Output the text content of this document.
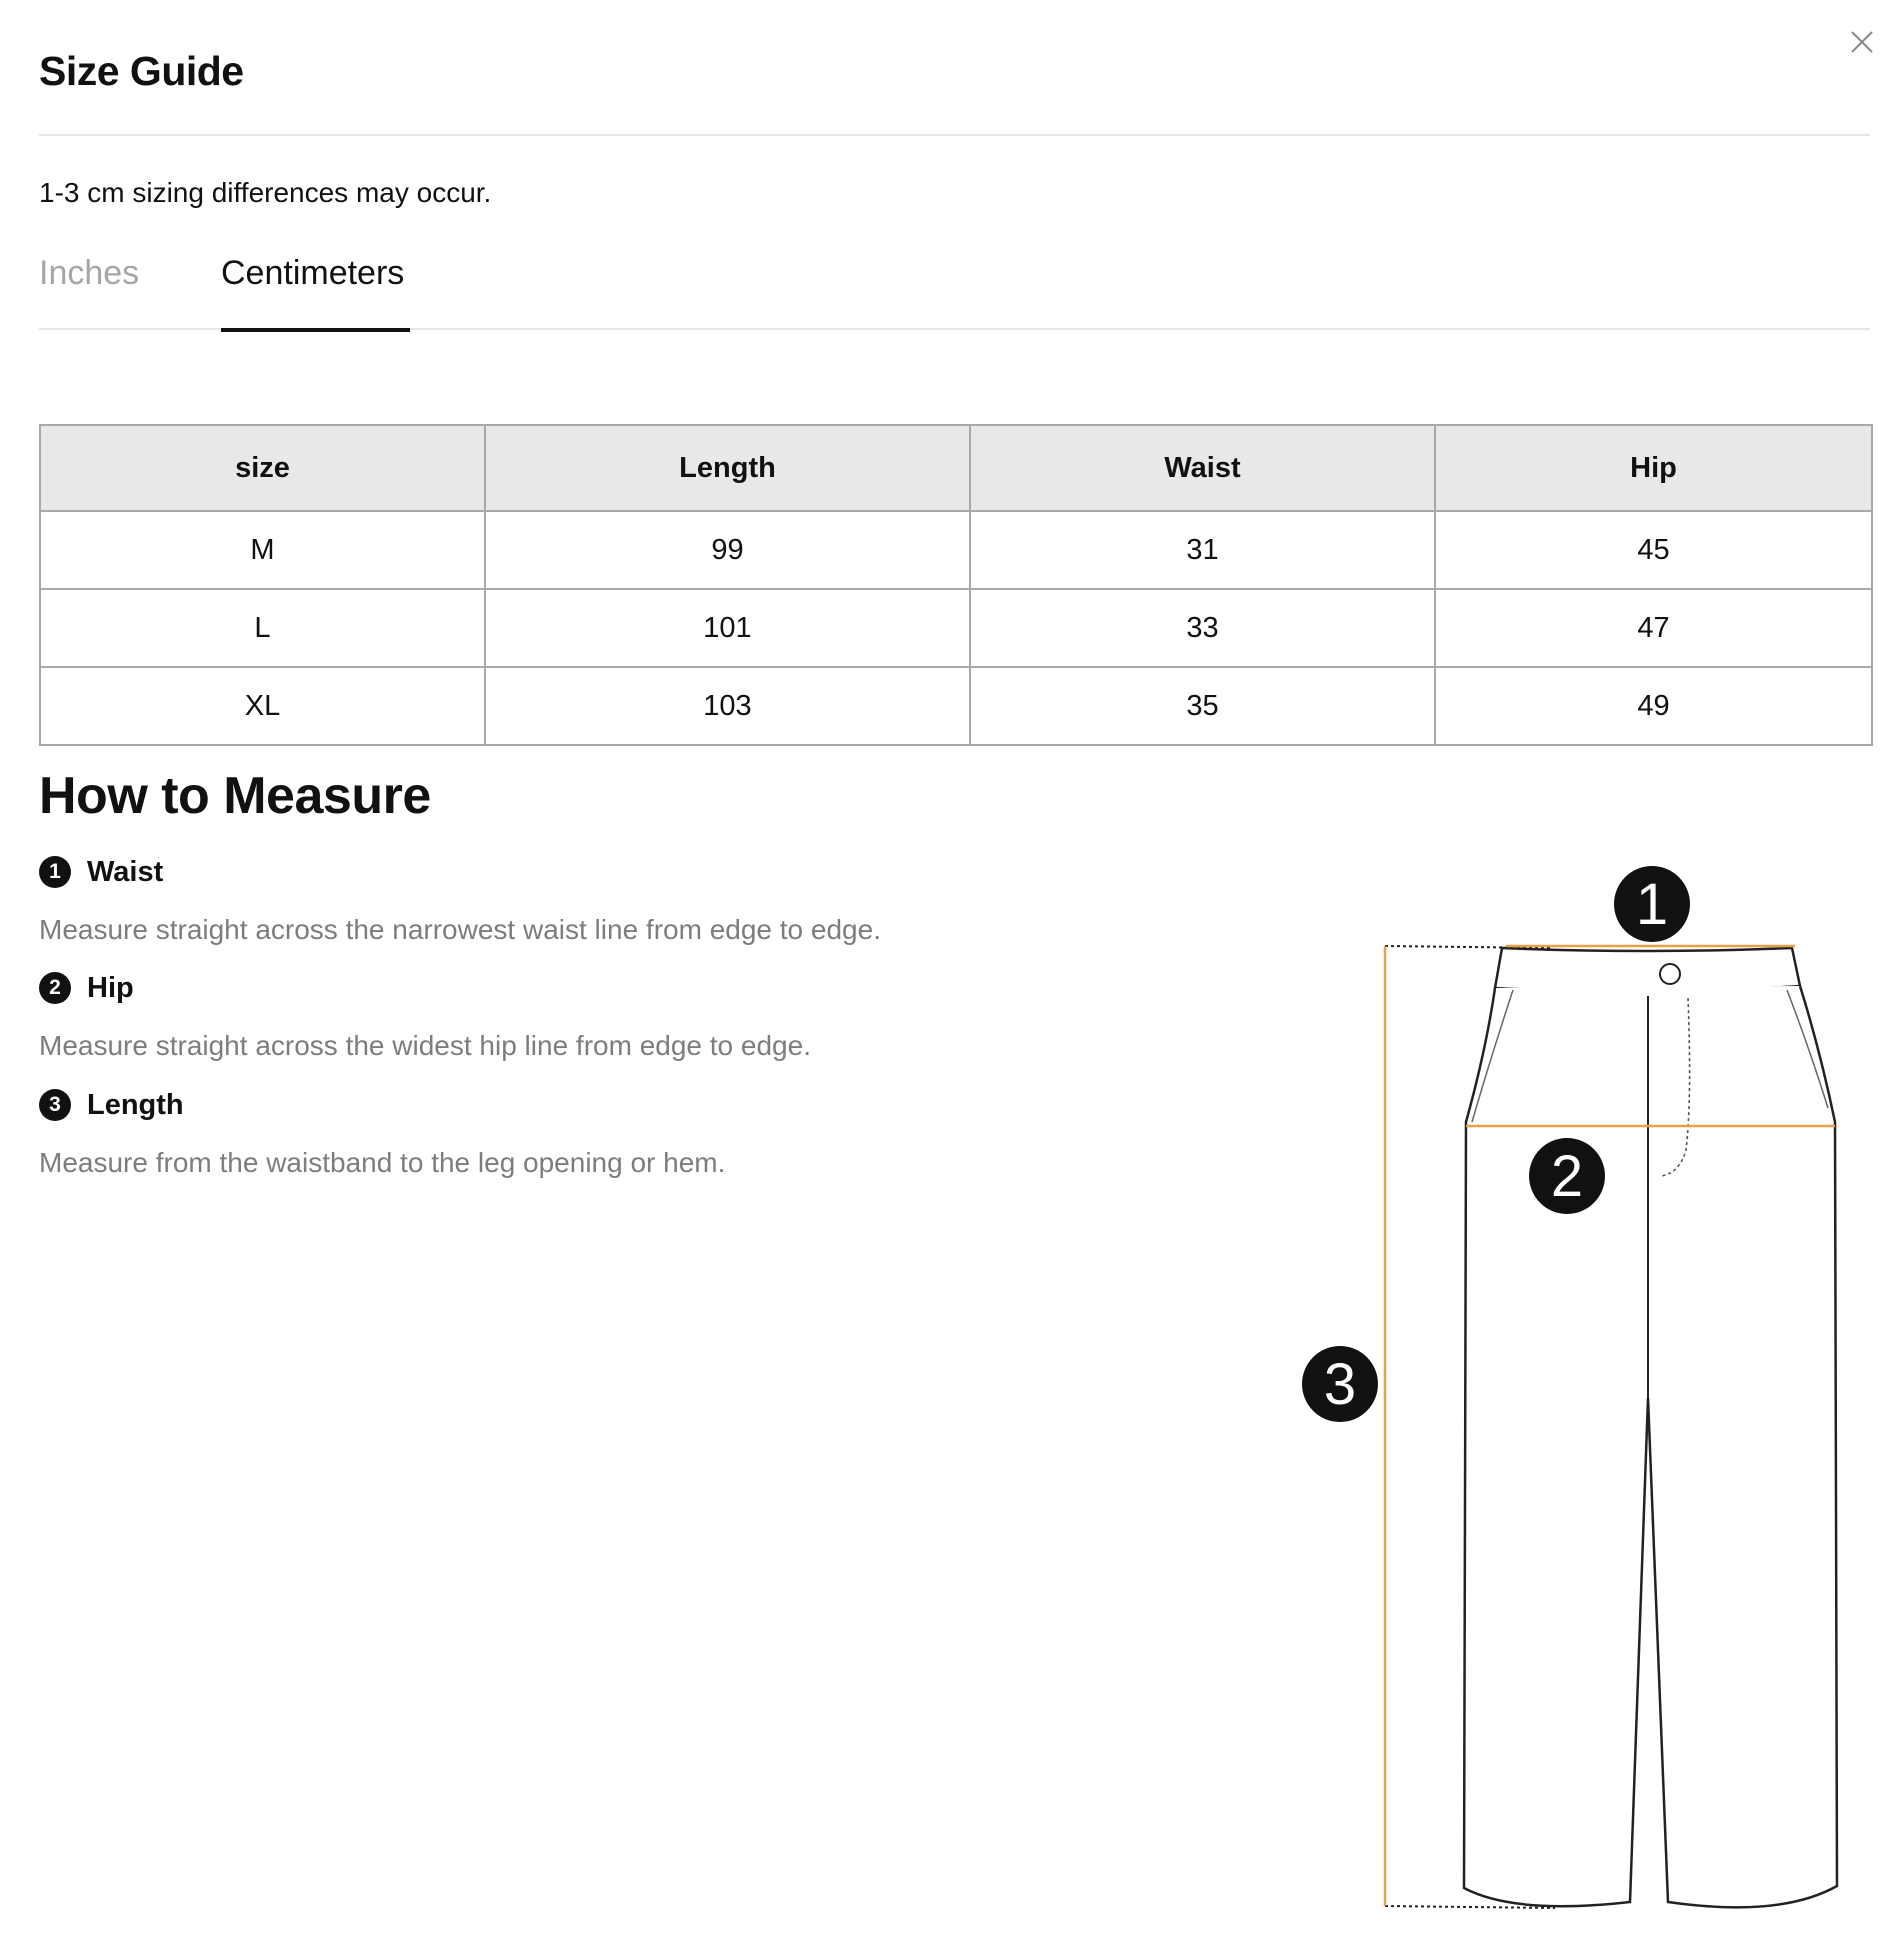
Size Guide
1-3 cm sizing differences may occur.
Inches Centimeters
size	Length	Waist	Hip
M	99	31	45
L	101	33	47
XL	103	35	49
How to Measure
1 Waist
Measure straight across the narrowest waist line from edge to edge.
2 Hip
Measure straight across the widest hip line from edge to edge.
3 Length
Measure from the waistband to the leg opening or hem.
1
2
3
